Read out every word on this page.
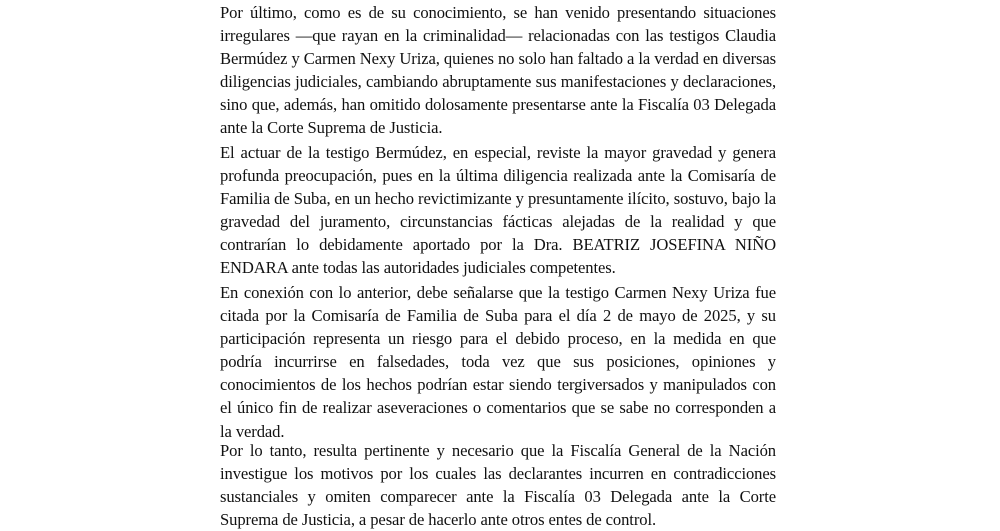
Por último, como es de su conocimiento, se han venido presentando situaciones irregulares —que rayan en la criminalidad— relacionadas con las testigos Claudia Bermúdez y Carmen Nexy Uriza, quienes no solo han faltado a la verdad en diversas diligencias judiciales, cambiando abruptamente sus manifestaciones y declaraciones, sino que, además, han omitido dolosamente presentarse ante la Fiscalía 03 Delegada ante la Corte Suprema de Justicia.

El actuar de la testigo Bermúdez, en especial, reviste la mayor gravedad y genera profunda preocupación, pues en la última diligencia realizada ante la Comisaría de Familia de Suba, en un hecho revictimizante y presuntamente ilícito, sostuvo, bajo la gravedad del juramento, circunstancias fácticas alejadas de la realidad y que contrarían lo debidamente aportado por la Dra. BEATRIZ JOSEFINA NIÑO ENDARA ante todas las autoridades judiciales competentes.

En conexión con lo anterior, debe señalarse que la testigo Carmen Nexy Uriza fue citada por la Comisaría de Familia de Suba para el día 2 de mayo de 2025, y su participación representa un riesgo para el debido proceso, en la medida en que podría incurrirse en falsedades, toda vez que sus posiciones, opiniones y conocimientos de los hechos podrían estar siendo tergiversados y manipulados con el único fin de realizar aseveraciones o comentarios que se sabe no corresponden a la verdad.

Por lo tanto, resulta pertinente y necesario que la Fiscalía General de la Nación investigue los motivos por los cuales las declarantes incurren en contradicciones sustanciales y omiten comparecer ante la Fiscalía 03 Delegada ante la Corte Suprema de Justicia, a pesar de hacerlo ante otros entes de control.
